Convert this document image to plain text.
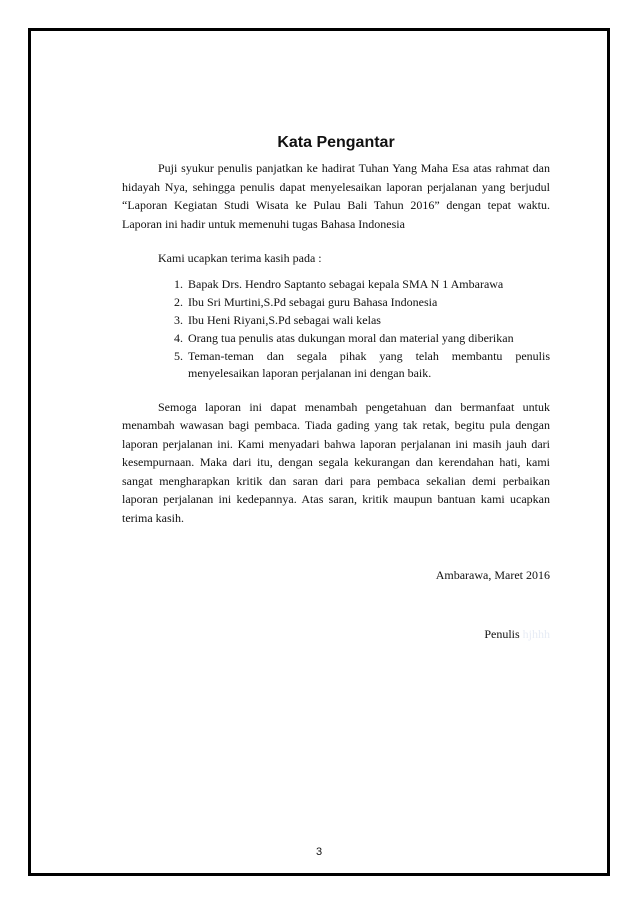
Kata Pengantar

Puji syukur penulis panjatkan ke hadirat Tuhan Yang Maha Esa atas rahmat dan hidayah Nya, sehingga penulis dapat menyelesaikan laporan perjalanan yang berjudul “Laporan Kegiatan Studi Wisata ke Pulau Bali Tahun 2016” dengan tepat waktu. Laporan ini hadir untuk memenuhi tugas Bahasa Indonesia

Kami ucapkan terima kasih pada :

1. Bapak Drs. Hendro Saptanto sebagai kepala SMA N 1 Ambarawa
2. Ibu Sri Murtini,S.Pd sebagai guru Bahasa Indonesia
3. Ibu Heni Riyani,S.Pd sebagai wali kelas
4. Orang tua penulis atas dukungan moral dan material yang diberikan
5. Teman-teman dan segala pihak yang telah membantu penulis menyelesaikan laporan perjalanan ini dengan baik.

Semoga laporan ini dapat menambah pengetahuan dan bermanfaat untuk menambah wawasan bagi pembaca. Tiada gading yang tak retak, begitu pula dengan laporan perjalanan ini. Kami menyadari bahwa laporan perjalanan ini masih jauh dari kesempurnaan. Maka dari itu, dengan segala kekurangan dan kerendahan hati, kami sangat mengharapkan kritik dan saran dari para pembaca sekalian demi perbaikan laporan perjalanan ini kedepannya. Atas saran, kritik maupun bantuan kami ucapkan terima kasih.

Ambarawa, Maret 2016
Penulis hjhhh
3
